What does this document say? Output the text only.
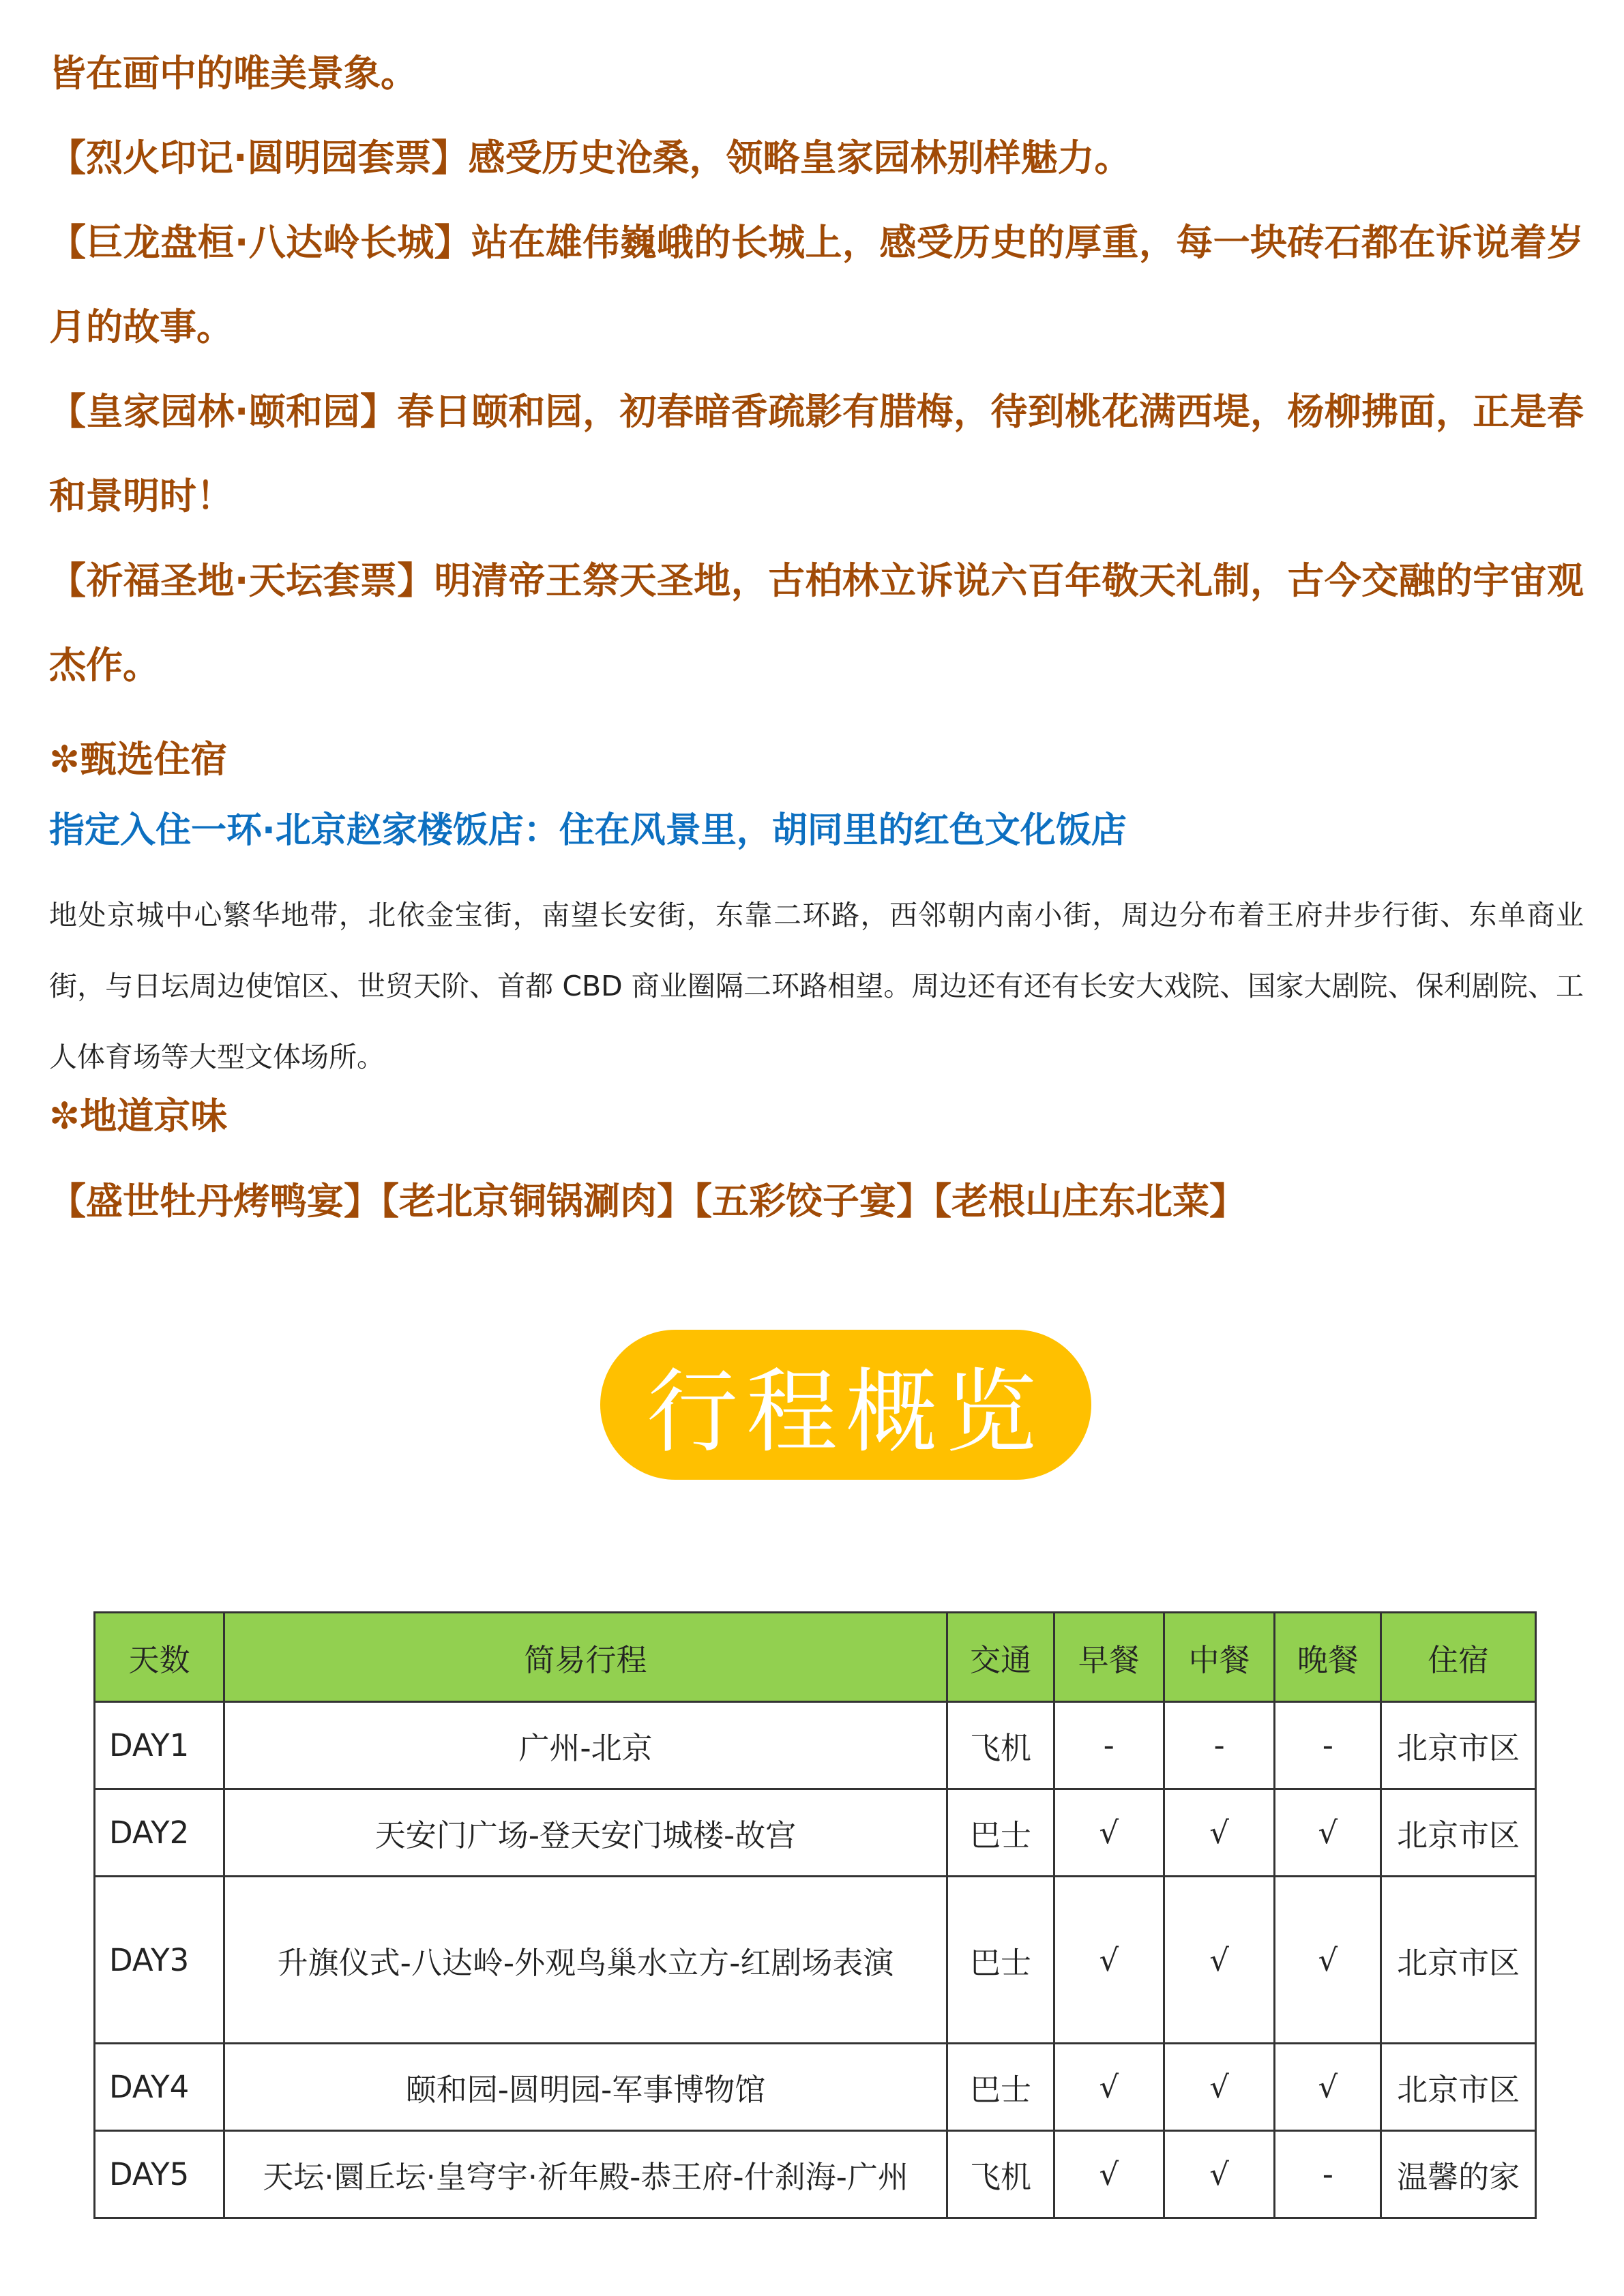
皆在画中的唯美景象。

【烈火印记·圆明园套票】感受历史沧桑，领略皇家园林别样魅力。

【巨龙盘桓·八达岭长城】站在雄伟巍峨的长城上，感受历史的厚重，每一块砖石都在诉说着岁月的故事。

【皇家园林·颐和园】春日颐和园，初春暗香疏影有腊梅，待到桃花满西堤，杨柳拂面，正是春和景明时！

【祈福圣地·天坛套票】明清帝王祭天圣地，古柏林立诉说六百年敬天礼制，古今交融的宇宙观杰作。

✼甄选住宿

指定入住一环·北京赵家楼饭店：住在风景里，胡同里的红色文化饭店

地处京城中心繁华地带，北依金宝街，南望长安街，东靠二环路，西邻朝内南小街，周边分布着王府井步行街、东单商业街，与日坛周边使馆区、世贸天阶、首都 CBD 商业圈隔二环路相望。周边还有还有长安大戏院、国家大剧院、保利剧院、工人体育场等大型文体场所。

✼地道京味

【盛世牡丹烤鸭宴】【老北京铜锅涮肉】【五彩饺子宴】【老根山庄东北菜】

行程概览
天数	简易行程	交通	早餐	中餐	晚餐	住宿
DAY1	广州-北京	飞机	-	-	-	北京市区
DAY2	天安门广场-登天安门城楼-故宫	巴士	√	√	√	北京市区
DAY3	升旗仪式-八达岭-外观鸟巢水立方-红剧场表演	巴士	√	√	√	北京市区
DAY4	颐和园-圆明园-军事博物馆	巴士	√	√	√	北京市区
DAY5	天坛·圜丘坛·皇穹宇·祈年殿-恭王府-什刹海-广州	飞机	√	√	-	温馨的家
